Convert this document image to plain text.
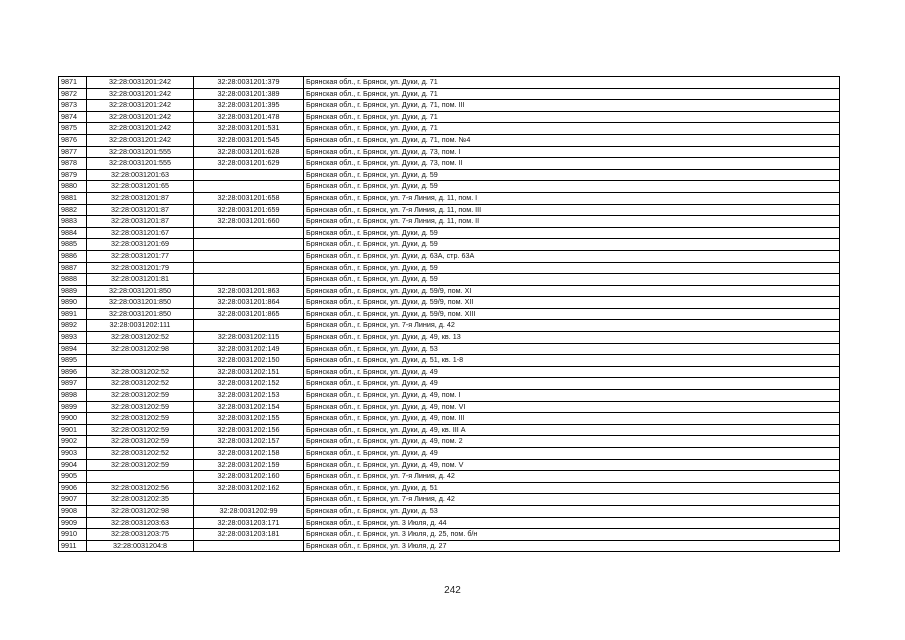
9871	32:28:0031201:242	32:28:0031201:379	Брянская обл., г. Брянск, ул. Дуки, д. 71
9872	32:28:0031201:242	32:28:0031201:389	Брянская обл., г. Брянск, ул. Дуки, д. 71
9873	32:28:0031201:242	32:28:0031201:395	Брянская обл., г. Брянск, ул. Дуки, д. 71, пом. III
9874	32:28:0031201:242	32:28:0031201:478	Брянская обл., г. Брянск, ул. Дуки, д. 71
9875	32:28:0031201:242	32:28:0031201:531	Брянская обл., г. Брянск, ул. Дуки, д. 71
9876	32:28:0031201:242	32:28:0031201:545	Брянская обл., г. Брянск, ул. Дуки, д. 71, пом. №4
9877	32:28:0031201:555	32:28:0031201:628	Брянская обл., г. Брянск, ул. Дуки, д. 73, пом. I
9878	32:28:0031201:555	32:28:0031201:629	Брянская обл., г. Брянск, ул. Дуки, д. 73, пом. II
9879	32:28:0031201:63		Брянская обл., г. Брянск, ул. Дуки, д. 59
9880	32:28:0031201:65		Брянская обл., г. Брянск, ул. Дуки, д. 59
9881	32:28:0031201:87	32:28:0031201:658	Брянская обл., г. Брянск, ул. 7-я Линия, д. 11, пом. I
9882	32:28:0031201:87	32:28:0031201:659	Брянская обл., г. Брянск, ул. 7-я Линия, д. 11, пом. III
9883	32:28:0031201:87	32:28:0031201:660	Брянская обл., г. Брянск, ул. 7-я Линия, д. 11, пом. II
9884	32:28:0031201:67		Брянская обл., г. Брянск, ул. Дуки, д. 59
9885	32:28:0031201:69		Брянская обл., г. Брянск, ул. Дуки, д. 59
9886	32:28:0031201:77		Брянская обл., г. Брянск, ул. Дуки, д. 63А, стр. 63А
9887	32:28:0031201:79		Брянская обл., г. Брянск, ул. Дуки, д. 59
9888	32:28:0031201:81		Брянская обл., г. Брянск, ул. Дуки, д. 59
9889	32:28:0031201:850	32:28:0031201:863	Брянская обл., г. Брянск, ул. Дуки, д. 59/9, пом. XI
9890	32:28:0031201:850	32:28:0031201:864	Брянская обл., г. Брянск, ул. Дуки, д. 59/9, пом. XII
9891	32:28:0031201:850	32:28:0031201:865	Брянская обл., г. Брянск, ул. Дуки, д. 59/9, пом. XIII
9892	32:28:0031202:111		Брянская обл., г. Брянск, ул. 7-я Линия, д. 42
9893	32:28:0031202:52	32:28:0031202:115	Брянская обл., г. Брянск, ул. Дуки, д. 49, кв. 13
9894	32:28:0031202:98	32:28:0031202:149	Брянская обл., г. Брянск, ул. Дуки, д. 53
9895		32:28:0031202:150	Брянская обл., г. Брянск, ул. Дуки, д. 51, кв. 1-8
9896	32:28:0031202:52	32:28:0031202:151	Брянская обл., г. Брянск, ул. Дуки, д. 49
9897	32:28:0031202:52	32:28:0031202:152	Брянская обл., г. Брянск, ул. Дуки, д. 49
9898	32:28:0031202:59	32:28:0031202:153	Брянская обл., г. Брянск, ул. Дуки, д. 49, пом. I
9899	32:28:0031202:59	32:28:0031202:154	Брянская обл., г. Брянск, ул. Дуки, д. 49, пом. VI
9900	32:28:0031202:59	32:28:0031202:155	Брянская обл., г. Брянск, ул. Дуки, д. 49, пом. III
9901	32:28:0031202:59	32:28:0031202:156	Брянская обл., г. Брянск, ул. Дуки, д. 49, кв. III А
9902	32:28:0031202:59	32:28:0031202:157	Брянская обл., г. Брянск, ул. Дуки, д. 49, пом. 2
9903	32:28:0031202:52	32:28:0031202:158	Брянская обл., г. Брянск, ул. Дуки, д. 49
9904	32:28:0031202:59	32:28:0031202:159	Брянская обл., г. Брянск, ул. Дуки, д. 49, пом. V
9905		32:28:0031202:160	Брянская обл., г. Брянск, ул. 7-я Линия, д. 42
9906	32:28:0031202:56	32:28:0031202:162	Брянская обл., г. Брянск, ул. Дуки, д. 51
9907	32:28:0031202:35		Брянская обл., г. Брянск, ул. 7-я Линия, д. 42
9908	32:28:0031202:98	32:28:0031202:99	Брянская обл., г. Брянск, ул. Дуки, д. 53
9909	32:28:0031203:63	32:28:0031203:171	Брянская обл., г. Брянск, ул. 3 Июля, д. 44
9910	32:28:0031203:75	32:28:0031203:181	Брянская обл., г. Брянск, ул. 3 Июля, д. 25, пом. б/н
9911	32:28:0031204:8		Брянская обл., г. Брянск, ул. 3 Июля, д. 27
242
